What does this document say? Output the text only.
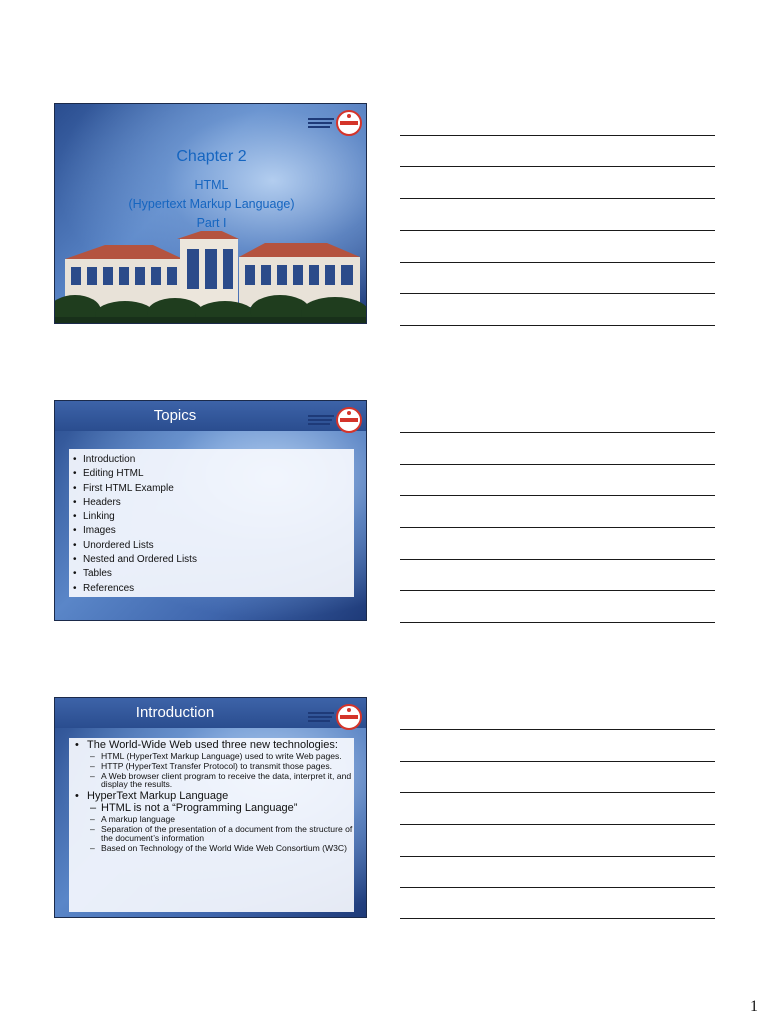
Chapter 2
HTML
(Hypertext Markup Language)
Part I
Topics
• Introduction
• Editing HTML
• First HTML Example
• Headers
• Linking
• Images
• Unordered Lists
• Nested and Ordered Lists
• Tables
• References
Introduction
• The World-Wide Web used three new technologies:
– HTML (HyperText Markup Language) used to write Web pages.
– HTTP (HyperText Transfer Protocol) to transmit those pages.
– A Web browser client program to receive the data, interpret it, and display the results.
• HyperText Markup Language
– HTML is not a “Programming Language”
– A markup language
– Separation of the presentation of a document from the structure of the document’s information
– Based on Technology of the World Wide Web Consortium (W3C)
1
